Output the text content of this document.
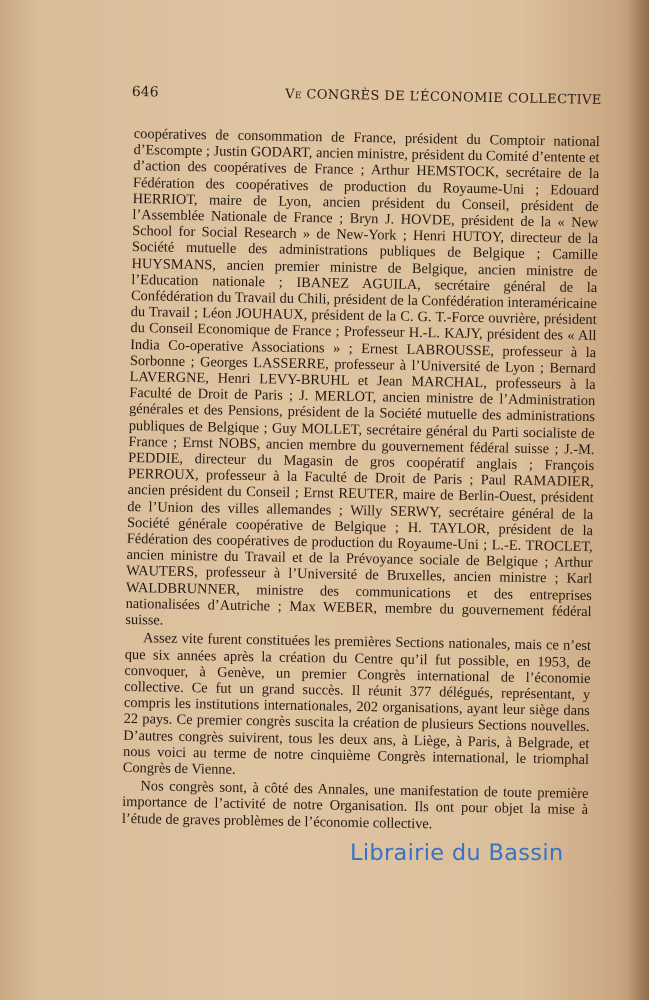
646	Ve CONGRÈS DE L’ÉCONOMIE COLLECTIVE

coopératives de consommation de France, président du Comptoir national d’Escompte ; Justin GODART, ancien ministre, président du Comité d’entente et d’action des coopératives de France ; Arthur HEMSTOCK, secrétaire de la Fédération des coopératives de production du Royaume-Uni ; Edouard HERRIOT, maire de Lyon, ancien président du Conseil, président de l’Assemblée Nationale de France ; Bryn J. HOVDE, président de la « New School for Social Research » de New-York ; Henri HUTOY, directeur de la Société mutuelle des administrations publiques de Belgique ; Camille HUYSMANS, ancien premier ministre de Belgique, ancien ministre de l’Education nationale ; IBANEZ AGUILA, secrétaire général de la Confédération du Travail du Chili, président de la Confédération interaméricaine du Travail ; Léon JOUHAUX, président de la C. G. T.-Force ouvrière, président du Conseil Economique de France ; Professeur H.-L. KAJY, président des « All India Co-operative Associations » ; Ernest LABROUSSE, professeur à la Sorbonne ; Georges LASSERRE, professeur à l’Université de Lyon ; Bernard LAVERGNE, Henri LEVY-BRUHL et Jean MARCHAL, professeurs à la Faculté de Droit de Paris ; J. MERLOT, ancien ministre de l’Administration générales et des Pensions, président de la Société mutuelle des administrations publiques de Belgique ; Guy MOLLET, secrétaire général du Parti socialiste de France ; Ernst NOBS, ancien membre du gouvernement fédéral suisse ; J.-M. PEDDIE, directeur du Magasin de gros coopératif anglais ; François PERROUX, professeur à la Faculté de Droit de Paris ; Paul RAMADIER, ancien président du Conseil ; Ernst REUTER, maire de Berlin-Ouest, président de l’Union des villes allemandes ; Willy SERWY, secrétaire général de la Société générale coopérative de Belgique ; H. TAYLOR, président de la Fédération des coopératives de production du Royaume-Uni ; L.-E. TROCLET, ancien ministre du Travail et de la Prévoyance sociale de Belgique ; Arthur WAUTERS, professeur à l’Université de Bruxelles, ancien ministre ; Karl WALDBRUNNER, ministre des communications et des entreprises nationalisées d’Autriche ; Max WEBER, membre du gouvernement fédéral suisse.

Assez vite furent constituées les premières Sections nationales, mais ce n’est que six années après la création du Centre qu’il fut possible, en 1953, de convoquer, à Genève, un premier Congrès international de l’économie collective. Ce fut un grand succès. Il réunit 377 délégués, représentant, y compris les institutions internationales, 202 organisations, ayant leur siège dans 22 pays. Ce premier congrès suscita la création de plusieurs Sections nouvelles. D’autres congrès suivirent, tous les deux ans, à Liège, à Paris, à Belgrade, et nous voici au terme de notre cinquième Congrès international, le triomphal Congrès de Vienne.

Nos congrès sont, à côté des Annales, une manifestation de toute première importance de l’activité de notre Organisation. Ils ont pour objet la mise à l’étude de graves problèmes de l’économie collective.

Librairie du Bassin
